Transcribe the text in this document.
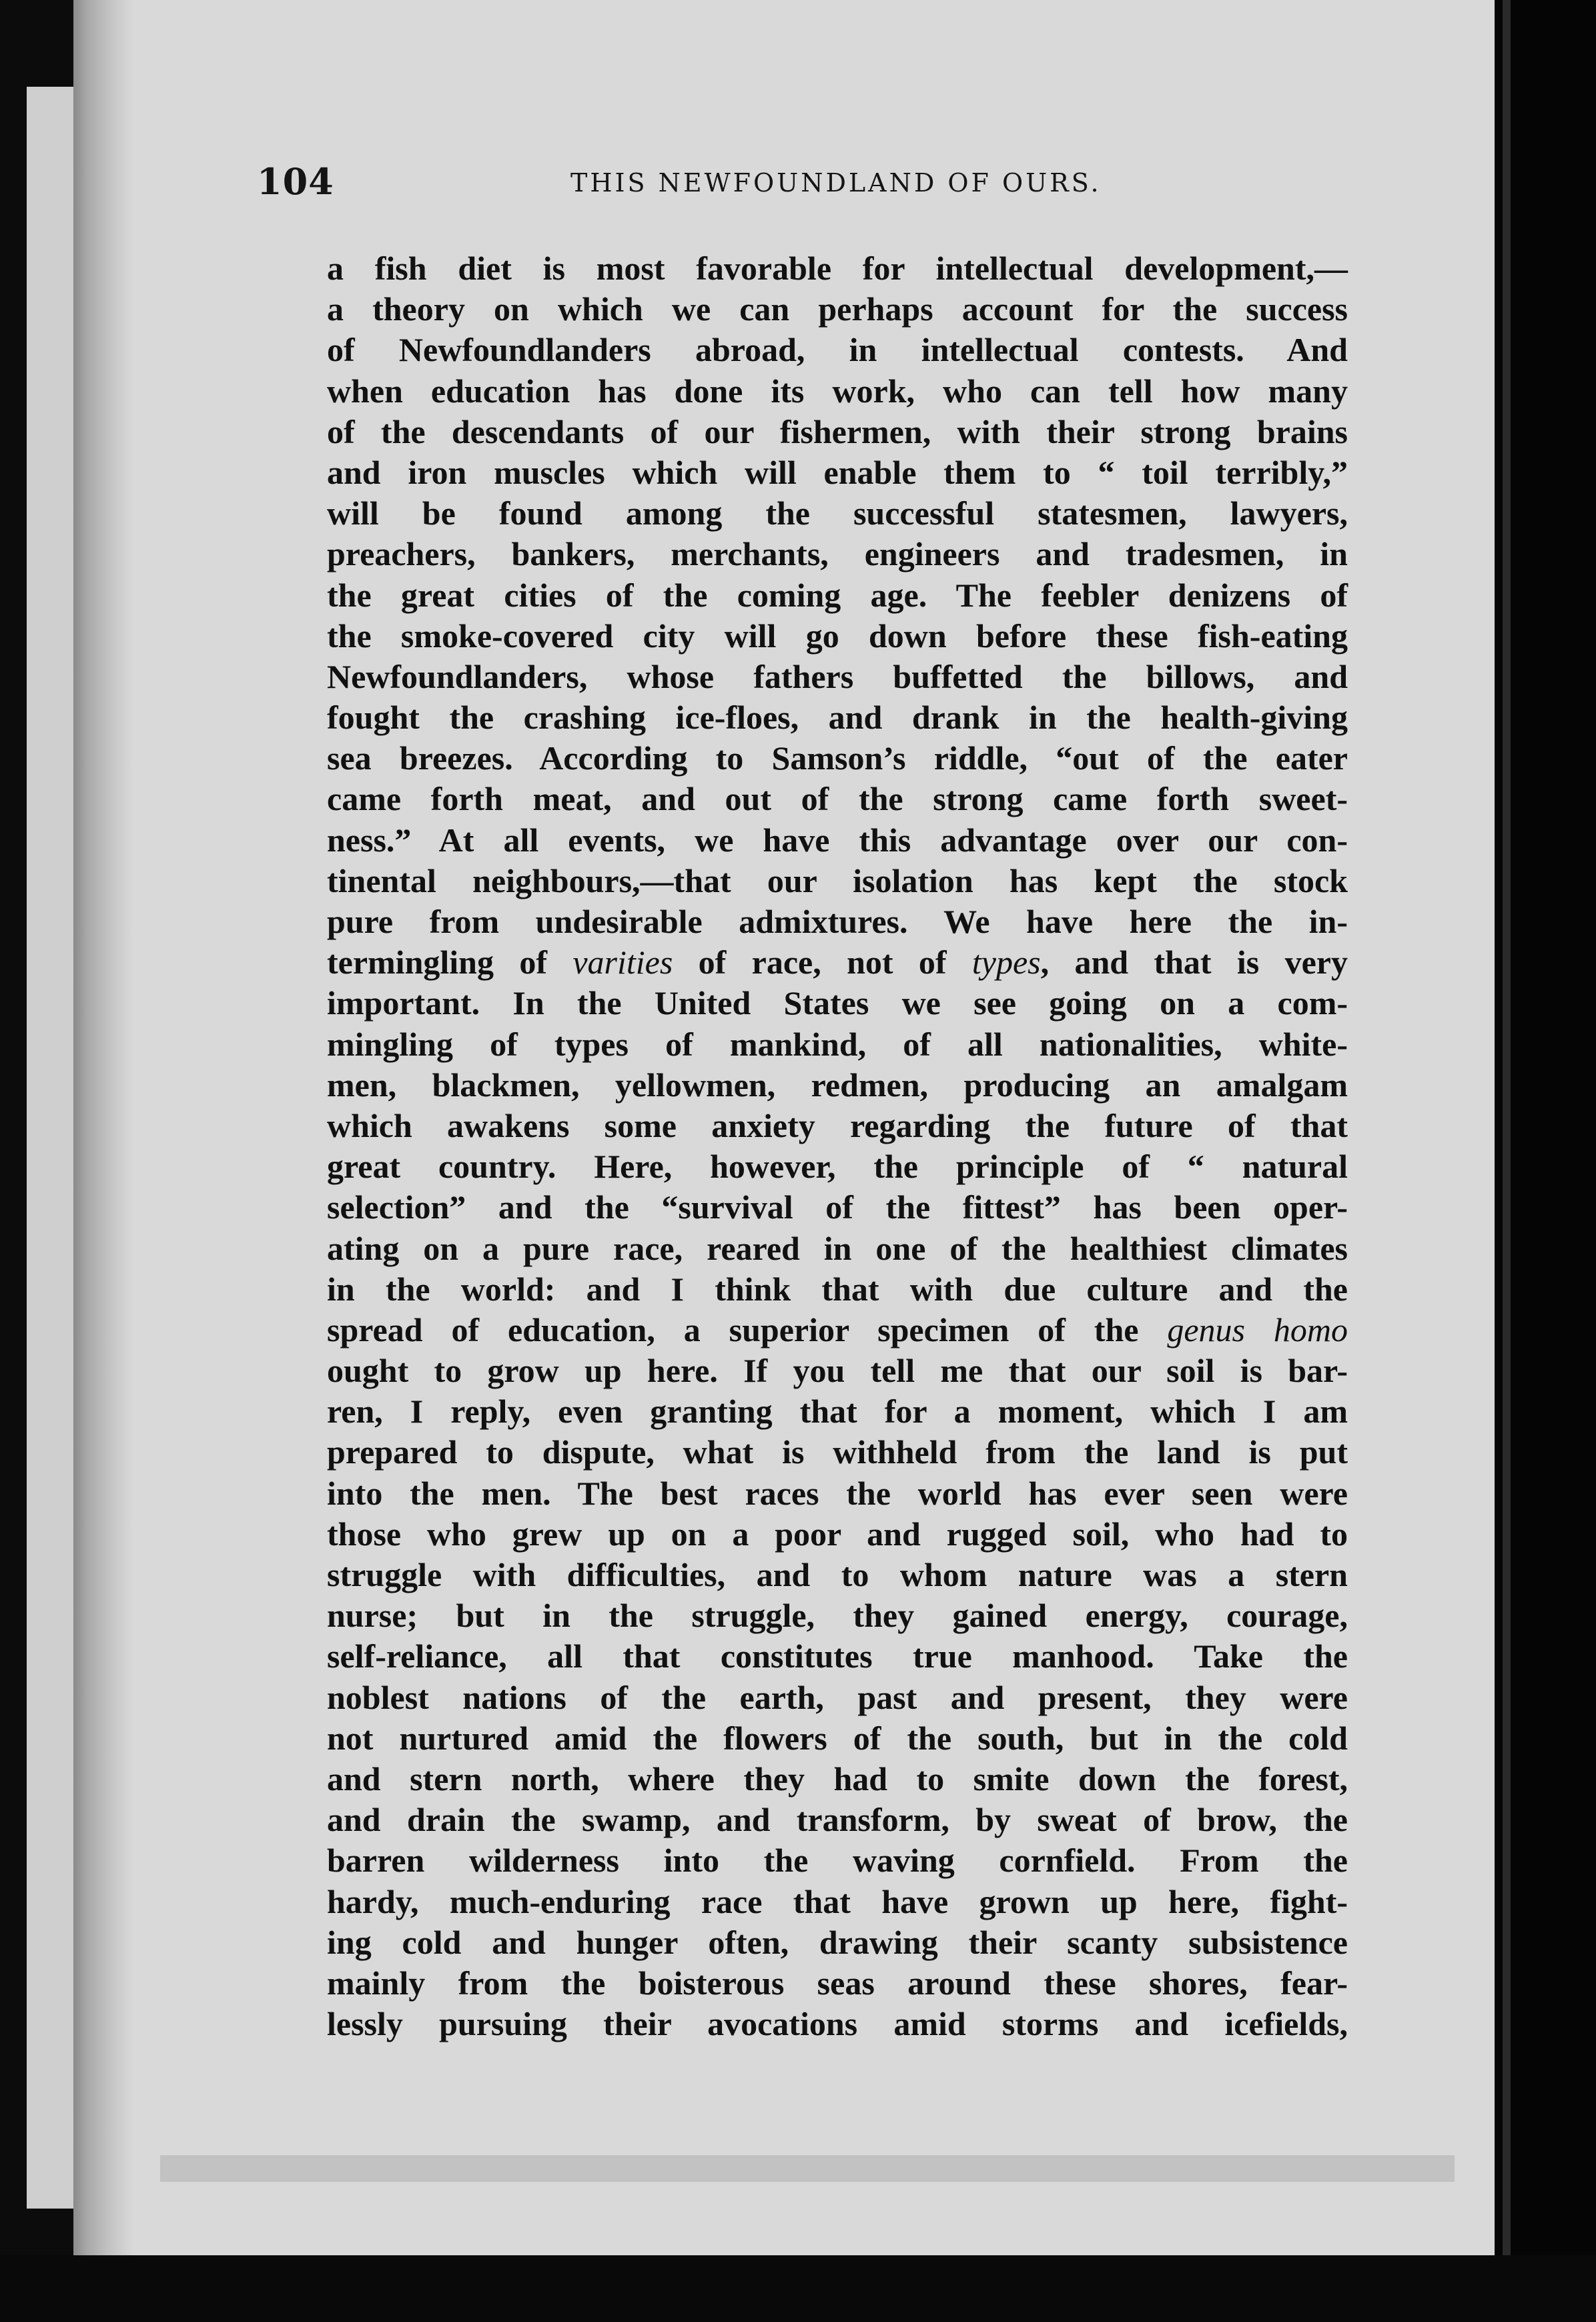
104	THIS NEWFOUNDLAND OF OURS.
a fish diet is most favorable for intellectual development,—
a theory on which we can perhaps account for the success
of Newfoundlanders abroad, in intellectual contests. And
when education has done its work, who can tell how many
of the descendants of our fishermen, with their strong brains
and iron muscles which will enable them to “ toil terribly,”
will be found among the successful statesmen, lawyers,
preachers, bankers, merchants, engineers and tradesmen, in
the great cities of the coming age. The feebler denizens of
the smoke-covered city will go down before these fish-eating
Newfoundlanders, whose fathers buffetted the billows, and
fought the crashing ice-floes, and drank in the health-giving
sea breezes. According to Samson’s riddle, “out of the eater
came forth meat, and out of the strong came forth sweet-
ness.” At all events, we have this advantage over our con-
tinental neighbours,—that our isolation has kept the stock
pure from undesirable admixtures. We have here the in-
termingling of varities of race, not of types, and that is very
important. In the United States we see going on a com-
mingling of types of mankind, of all nationalities, white-
men, blackmen, yellowmen, redmen, producing an amalgam
which awakens some anxiety regarding the future of that
great country. Here, however, the principle of “ natural
selection” and the “survival of the fittest” has been oper-
ating on a pure race, reared in one of the healthiest climates
in the world: and I think that with due culture and the
spread of education, a superior specimen of the genus homo
ought to grow up here. If you tell me that our soil is bar-
ren, I reply, even granting that for a moment, which I am
prepared to dispute, what is withheld from the land is put
into the men. The best races the world has ever seen were
those who grew up on a poor and rugged soil, who had to
struggle with difficulties, and to whom nature was a stern
nurse; but in the struggle, they gained energy, courage,
self-reliance, all that constitutes true manhood. Take the
noblest nations of the earth, past and present, they were
not nurtured amid the flowers of the south, but in the cold
and stern north, where they had to smite down the forest,
and drain the swamp, and transform, by sweat of brow, the
barren wilderness into the waving cornfield. From the
hardy, much-enduring race that have grown up here, fight-
ing cold and hunger often, drawing their scanty subsistence
mainly from the boisterous seas around these shores, fear-
lessly pursuing their avocations amid storms and icefields,
